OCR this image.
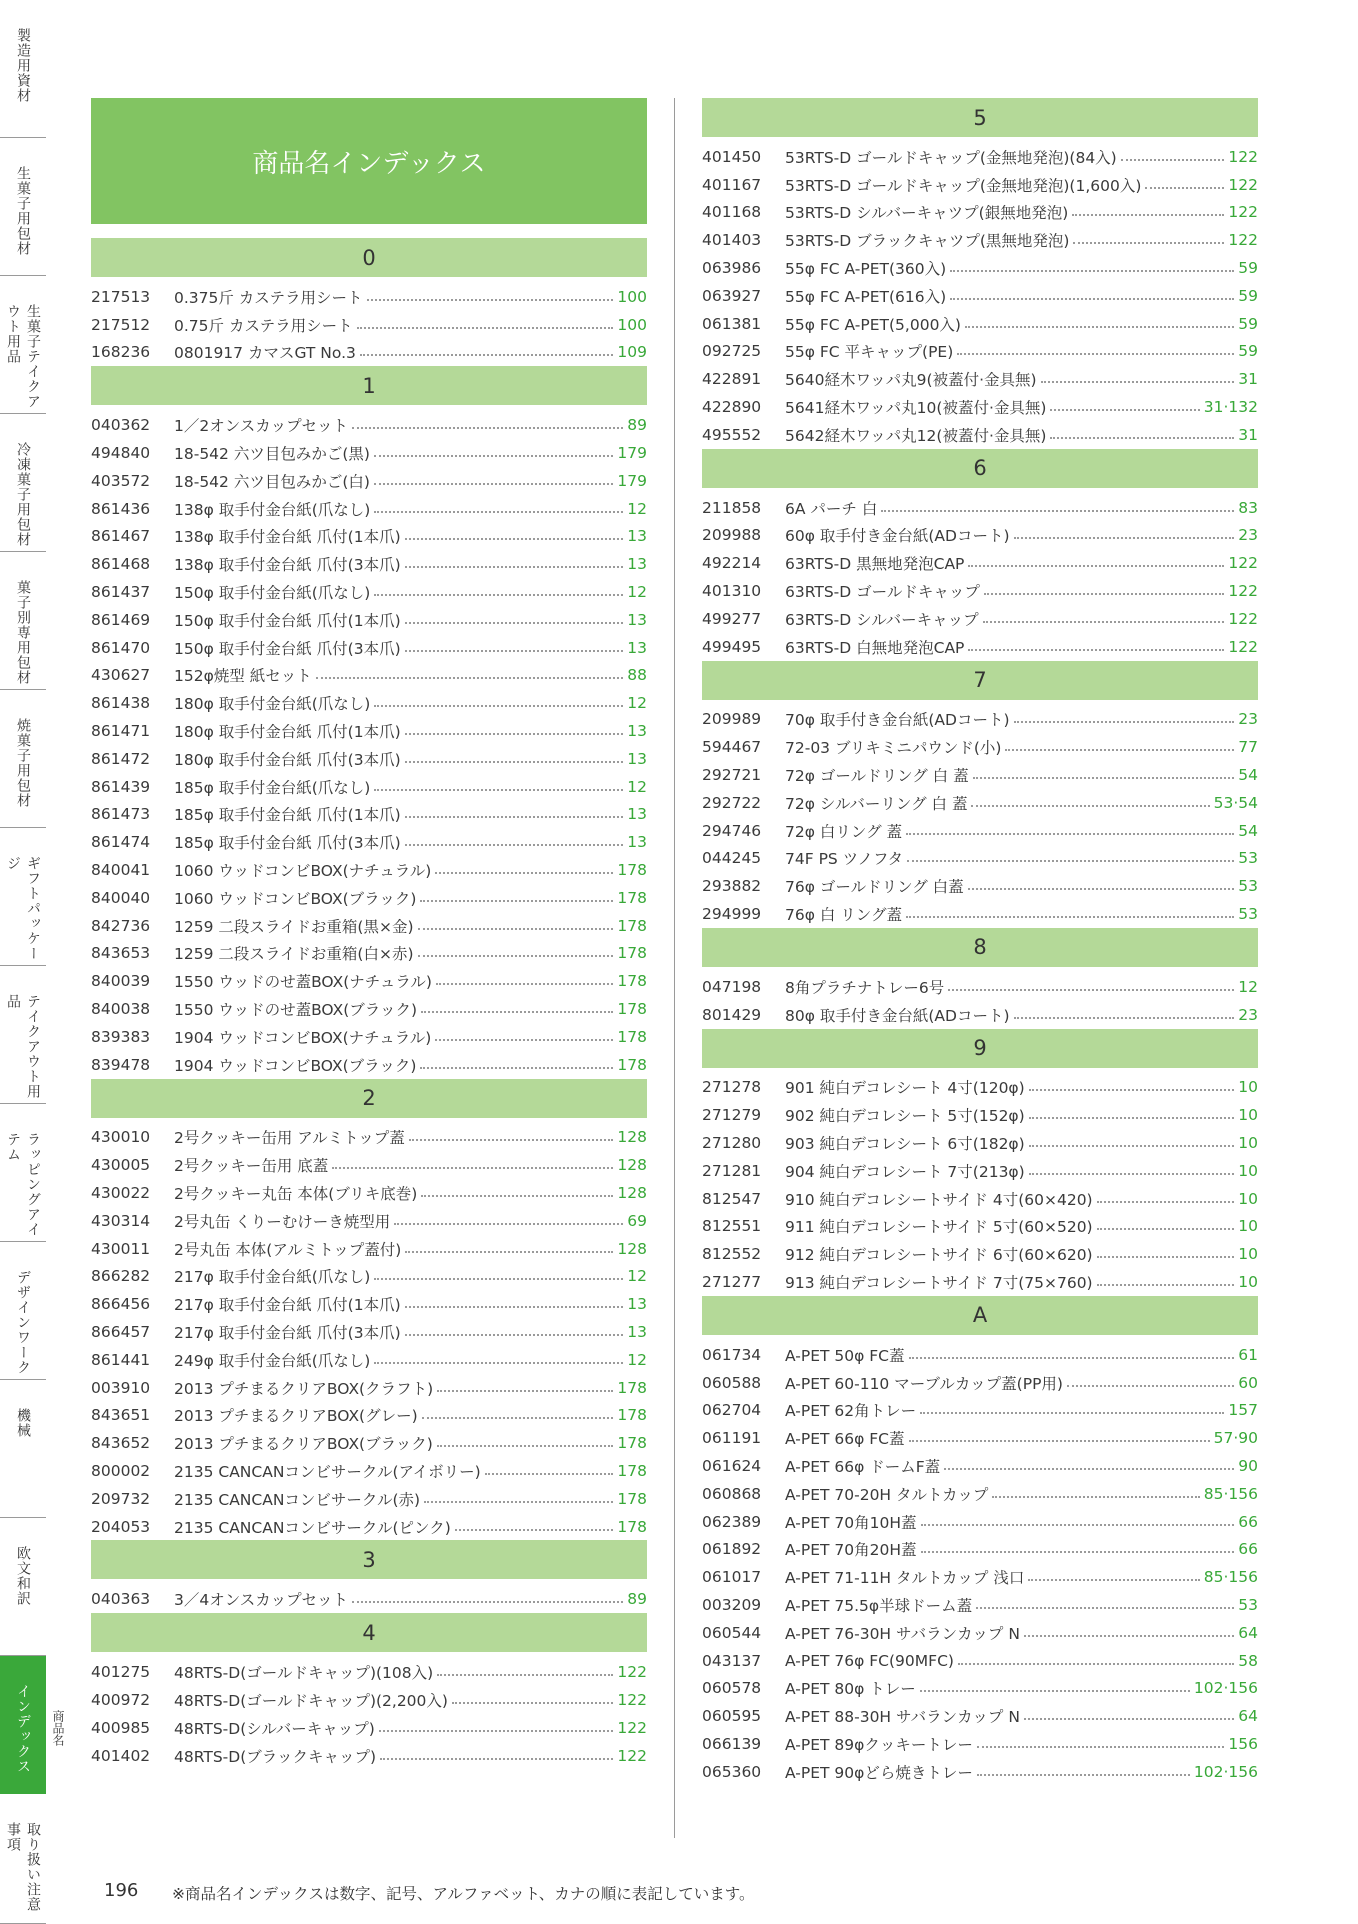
製造用資材
生菓子用包材
生菓子テイクアウト用品
冷凍菓子用包材
菓子別専用包材
焼菓子用包材
ギフトパッケージ
テイクアウト用品
ラッピングアイテム
デザインワーク
機械
欧文和訳
インデックス
取り扱い注意事項
商品名
商品名インデックス
0
217513	0.375斤 カステラ用シート	100
217512	0.75斤 カステラ用シート	100
168236	0801917 カマスGT No.3	109
1
040362	1／2オンスカップセット	89
494840	18-542 六ツ目包みかご(黒)	179
403572	18-542 六ツ目包みかご(白)	179
861436	138φ 取手付金台紙(爪なし)	12
861467	138φ 取手付金台紙 爪付(1本爪)	13
861468	138φ 取手付金台紙 爪付(3本爪)	13
861437	150φ 取手付金台紙(爪なし)	12
861469	150φ 取手付金台紙 爪付(1本爪)	13
861470	150φ 取手付金台紙 爪付(3本爪)	13
430627	152φ焼型 紙セット	88
861438	180φ 取手付金台紙(爪なし)	12
861471	180φ 取手付金台紙 爪付(1本爪)	13
861472	180φ 取手付金台紙 爪付(3本爪)	13
861439	185φ 取手付金台紙(爪なし)	12
861473	185φ 取手付金台紙 爪付(1本爪)	13
861474	185φ 取手付金台紙 爪付(3本爪)	13
840041	1060 ウッドコンビBOX(ナチュラル)	178
840040	1060 ウッドコンビBOX(ブラック)	178
842736	1259 二段スライドお重箱(黒×金)	178
843653	1259 二段スライドお重箱(白×赤)	178
840039	1550 ウッドのせ蓋BOX(ナチュラル)	178
840038	1550 ウッドのせ蓋BOX(ブラック)	178
839383	1904 ウッドコンビBOX(ナチュラル)	178
839478	1904 ウッドコンビBOX(ブラック)	178
2
430010	2号クッキー缶用 アルミトップ蓋	128
430005	2号クッキー缶用 底蓋	128
430022	2号クッキー丸缶 本体(ブリキ底巻)	128
430314	2号丸缶 くりーむけーき焼型用	69
430011	2号丸缶 本体(アルミトップ蓋付)	128
866282	217φ 取手付金台紙(爪なし)	12
866456	217φ 取手付金台紙 爪付(1本爪)	13
866457	217φ 取手付金台紙 爪付(3本爪)	13
861441	249φ 取手付金台紙(爪なし)	12
003910	2013 プチまるクリアBOX(クラフト)	178
843651	2013 プチまるクリアBOX(グレー)	178
843652	2013 プチまるクリアBOX(ブラック)	178
800002	2135 CANCANコンビサークル(アイボリー)	178
209732	2135 CANCANコンビサークル(赤)	178
204053	2135 CANCANコンビサークル(ピンク)	178
3
040363	3／4オンスカップセット	89
4
401275	48RTS-D(ゴールドキャップ)(108入)	122
400972	48RTS-D(ゴールドキャップ)(2,200入)	122
400985	48RTS-D(シルバーキャップ)	122
401402	48RTS-D(ブラックキャップ)	122
5
401450	53RTS-D ゴールドキャップ(金無地発泡)(84入)	122
401167	53RTS-D ゴールドキャップ(金無地発泡)(1,600入)	122
401168	53RTS-D シルバーキャツプ(銀無地発泡)	122
401403	53RTS-D ブラックキャツプ(黒無地発泡)	122
063986	55φ FC A-PET(360入)	59
063927	55φ FC A-PET(616入)	59
061381	55φ FC A-PET(5,000入)	59
092725	55φ FC 平キャップ(PE)	59
422891	5640経木ワッパ丸9(被蓋付·金具無)	31
422890	5641経木ワッパ丸10(被蓋付·金具無)	31·132
495552	5642経木ワッパ丸12(被蓋付·金具無)	31
6
211858	6A パーチ 白	83
209988	60φ 取手付き金台紙(ADコート)	23
492214	63RTS-D 黒無地発泡CAP	122
401310	63RTS-D ゴールドキャップ	122
499277	63RTS-D シルバーキャップ	122
499495	63RTS-D 白無地発泡CAP	122
7
209989	70φ 取手付き金台紙(ADコート)	23
594467	72-03 ブリキミニパウンド(小)	77
292721	72φ ゴールドリング 白 蓋	54
292722	72φ シルバーリング 白 蓋	53·54
294746	72φ 白リング 蓋	54
044245	74F PS ツノフタ	53
293882	76φ ゴールドリング 白蓋	53
294999	76φ 白 リング蓋	53
8
047198	8角プラチナトレー6号	12
801429	80φ 取手付き金台紙(ADコート)	23
9
271278	901 純白デコレシート 4寸(120φ)	10
271279	902 純白デコレシート 5寸(152φ)	10
271280	903 純白デコレシート 6寸(182φ)	10
271281	904 純白デコレシート 7寸(213φ)	10
812547	910 純白デコレシートサイド 4寸(60×420)	10
812551	911 純白デコレシートサイド 5寸(60×520)	10
812552	912 純白デコレシートサイド 6寸(60×620)	10
271277	913 純白デコレシートサイド 7寸(75×760)	10
A
061734	A-PET 50φ FC蓋	61
060588	A-PET 60-110 マーブルカップ蓋(PP用)	60
062704	A-PET 62角トレー	157
061191	A-PET 66φ FC蓋	57·90
061624	A-PET 66φ ドームF蓋	90
060868	A-PET 70-20H タルトカップ	85·156
062389	A-PET 70角10H蓋	66
061892	A-PET 70角20H蓋	66
061017	A-PET 71-11H タルトカップ 浅口	85·156
003209	A-PET 75.5φ半球ドーム蓋	53
060544	A-PET 76-30H サバランカップ N	64
043137	A-PET 76φ FC(90MFC)	58
060578	A-PET 80φ トレー	102·156
060595	A-PET 88-30H サバランカップ N	64
066139	A-PET 89φクッキートレー	156
065360	A-PET 90φどら焼きトレー	102·156
196 ※商品名インデックスは数字、記号、アルファベット、カナの順に表記しています。
